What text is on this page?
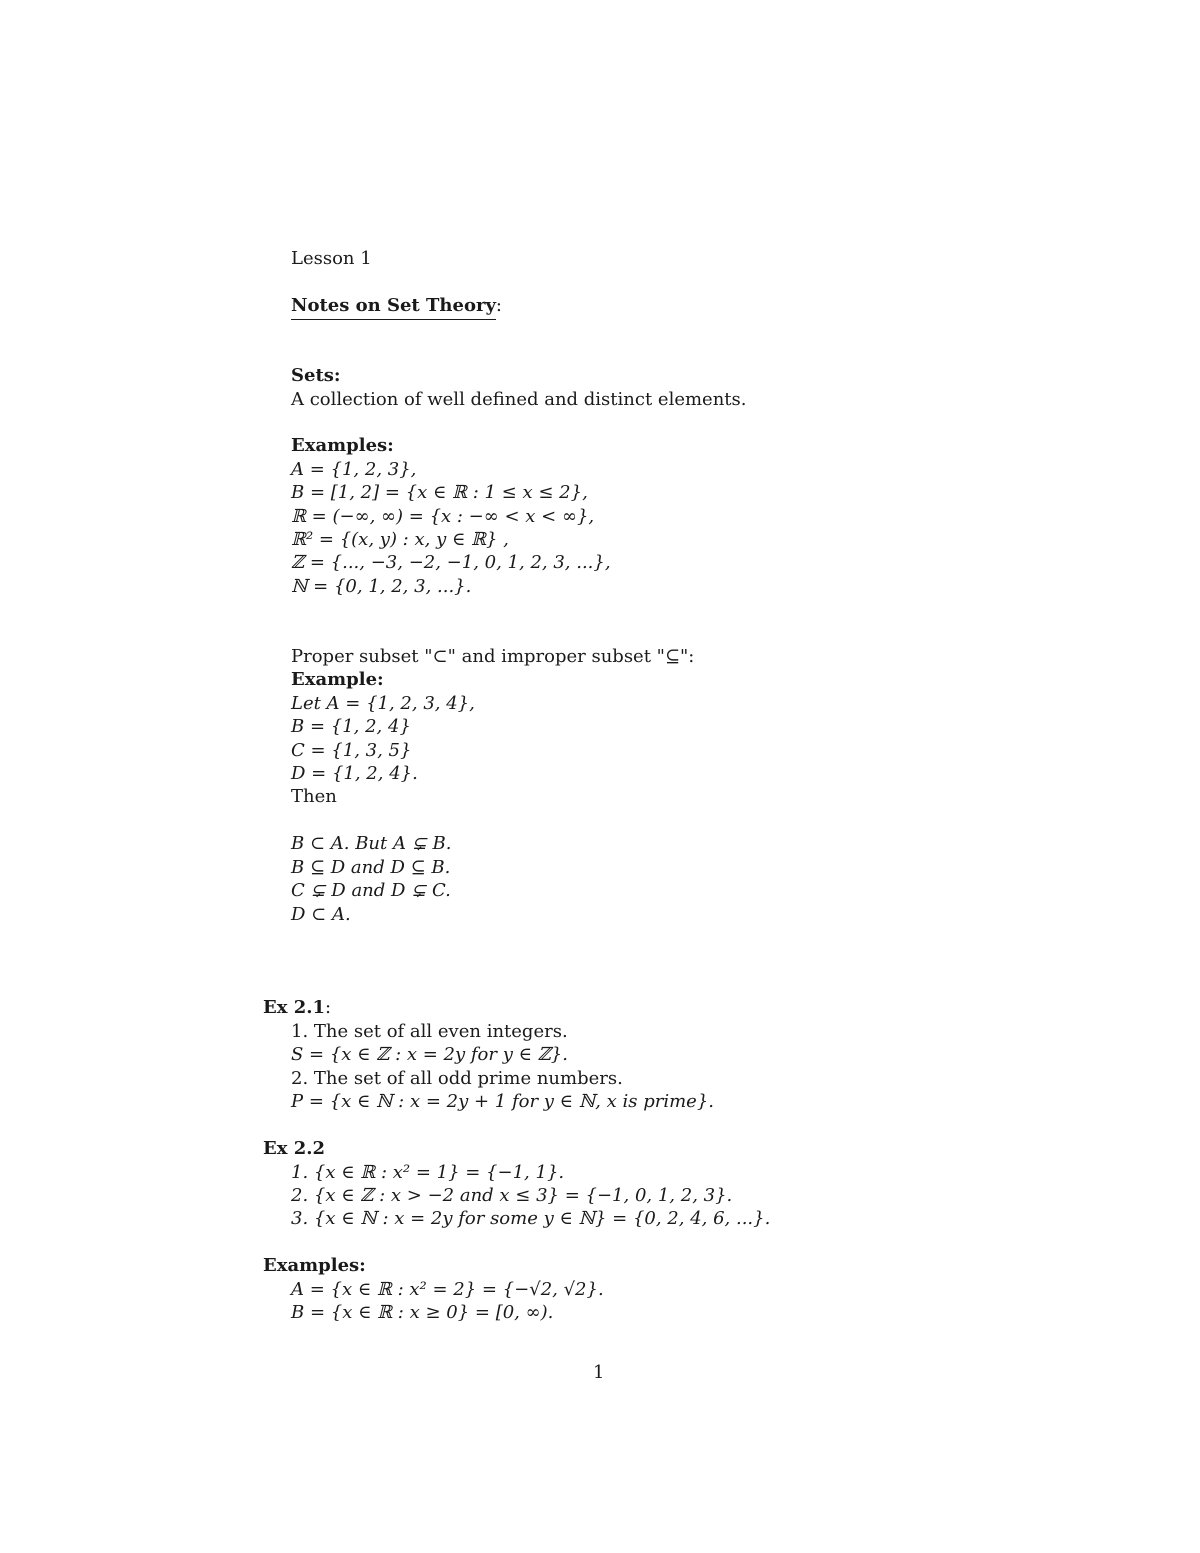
Lesson 1
Notes on Set Theory:
Sets:
A collection of well defined and distinct elements.
Examples:
A = {1, 2, 3},
B = [1, 2] = {x ∈ ℝ : 1 ≤ x ≤ 2},
ℝ = (−∞, ∞) = {x : −∞ < x < ∞},
ℝ² = {(x, y) : x, y ∈ ℝ} ,
ℤ = {..., −3, −2, −1, 0, 1, 2, 3, ...},
ℕ = {0, 1, 2, 3, ...}.
Proper subset "⊂" and improper subset "⊆":
Example:
Let A = {1, 2, 3, 4},
B = {1, 2, 4}
C = {1, 3, 5}
D = {1, 2, 4}.
Then
B ⊂ A. But A ⊊ B.
B ⊆ D and D ⊆ B.
C ⊊ D and D ⊊ C.
D ⊂ A.
Ex 2.1:
1. The set of all even integers.
S = {x ∈ ℤ : x = 2y for y ∈ ℤ}.
2. The set of all odd prime numbers.
P = {x ∈ ℕ : x = 2y + 1 for y ∈ ℕ, x is prime}.
Ex 2.2
1. {x ∈ ℝ : x² = 1} = {−1, 1}.
2. {x ∈ ℤ : x > −2 and x ≤ 3} = {−1, 0, 1, 2, 3}.
3. {x ∈ ℕ : x = 2y for some y ∈ ℕ} = {0, 2, 4, 6, ...}.
Examples:
A = {x ∈ ℝ : x² = 2} = {−√2, √2}.
B = {x ∈ ℝ : x ≥ 0} = [0, ∞).
1
